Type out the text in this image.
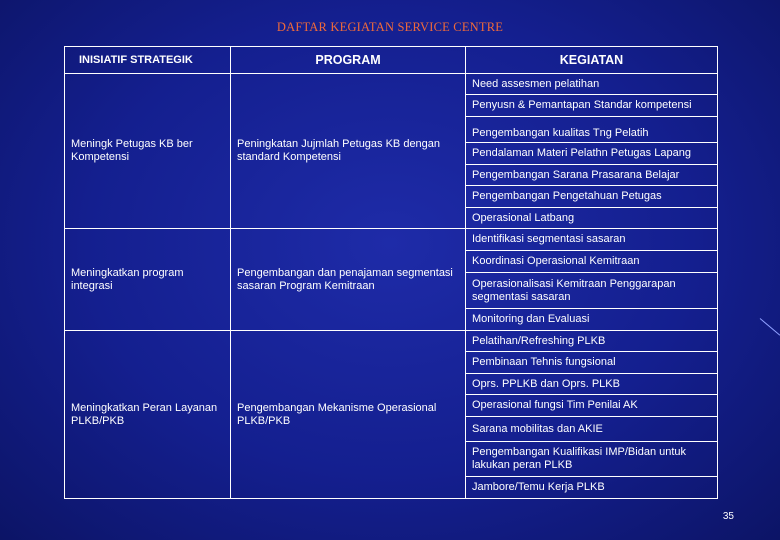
DAFTAR KEGIATAN SERVICE CENTRE
INISIATIF STRATEGIK	PROGRAM	KEGIATAN
Meningk Petugas KB ber Kompetensi	Peningkatan Jujmlah Petugas KB dengan standard Kompetensi	Need assesmen pelatihan
		Penyusn & Pemantapan Standar kompetensi
		Pengembangan kualitas Tng Pelatih
		Pendalaman Materi Pelathn Petugas Lapang
		Pengembangan Sarana Prasarana Belajar
		Pengembangan Pengetahuan Petugas
		Operasional Latbang
Meningkatkan program integrasi	Pengembangan dan penajaman segmentasi sasaran Program Kemitraan	Identifikasi segmentasi sasaran
		Koordinasi Operasional Kemitraan
		Operasionalisasi Kemitraan Penggarapan segmentasi sasaran
		Monitoring dan Evaluasi
Meningkatkan Peran Layanan PLKB/PKB	Pengembangan Mekanisme Operasional PLKB/PKB	Pelatihan/Refreshing PLKB
		Pembinaan Tehnis fungsional
		Oprs. PPLKB dan Oprs. PLKB
		Operasional fungsi Tim Penilai AK
		Sarana mobilitas dan AKIE
		Pengembangan Kualifikasi IMP/Bidan untuk lakukan peran PLKB
		Jambore/Temu Kerja PLKB
35
